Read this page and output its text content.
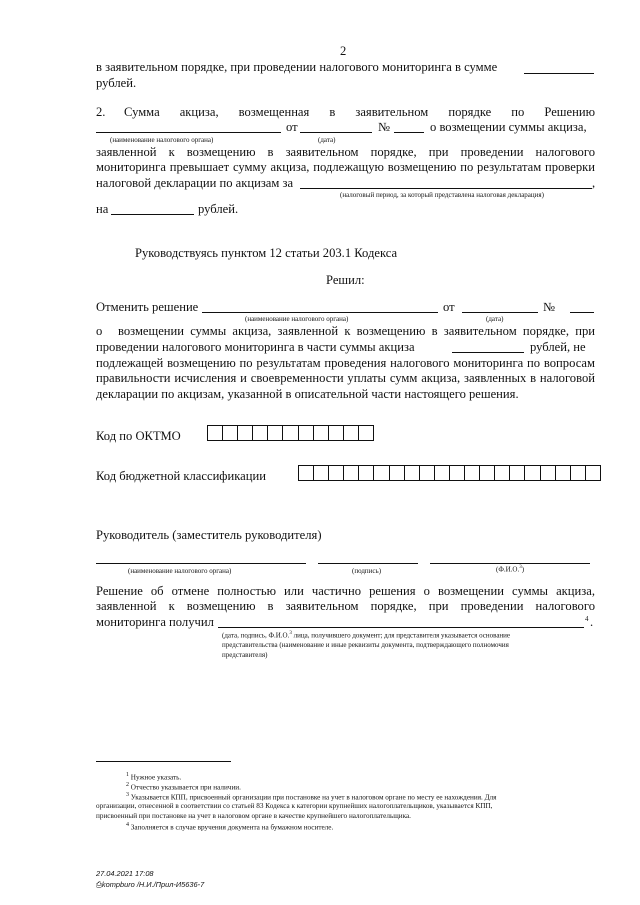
2
в заявительном порядке, при проведении налогового мониторинга в сумме
рублей.
2. Сумма акциза, возмещенная в заявительном порядке по Решению
от	№	о возмещении суммы акциза,
(наименование налогового органа)	(дата)
заявленной к возмещению в заявительном порядке, при проведении налогового
мониторинга превышает сумму акциза, подлежащую возмещению по результатам проверки
налоговой декларации по акцизам за	,
(налоговый период, за который представлена налоговая декларация)
на	рублей.
Руководствуясь пунктом 12 статьи 203.1 Кодекса
Решил:
Отменить решение	от	№
(наименование налогового органа)	(дата)
о возмещении суммы акциза, заявленной к возмещению в заявительном порядке, при
проведении налогового мониторинга в части суммы акциза	рублей, не
подлежащей возмещению по результатам проведения налогового мониторинга по вопросам
правильности исчисления и своевременности уплаты сумм акциза, заявленных в налоговой
декларации по акцизам, указанной в описательной части настоящего решения.
Код по ОКТМО
Код бюджетной классификации
Руководитель (заместитель руководителя)
(наименование налогового органа)	(подпись)	(Ф.И.О.$^3$)
Решение об отмене полностью или частично решения о возмещении суммы акциза,
заявленной к возмещению в заявительном порядке, при проведении налогового
мониторинга получил	4 .
(дата, подпись, Ф.И.О.$^3$ лица, получившего документ; для представителя указывается основание
представительства (наименование и иные реквизиты документа, подтверждающего полномочия
представителя)
$^1$ Нужное указать.
$^2$ Отчество указывается при наличии.
$^3$ Указывается КПП, присвоенный организации при постановке на учет в налоговом органе по месту ее нахождения. Для
организации, отнесенной в соответствии со статьей 83 Кодекса к категории крупнейших налогоплательщиков, указывается КПП,
присвоенный при постановке на учет в налоговом органе в качестве крупнейшего налогоплательщика.
$^4$ Заполняется в случае вручения документа на бумажном носителе.
27.04.2021 17:08
⎙kompburo /Н.И./Прил-И5636-7
